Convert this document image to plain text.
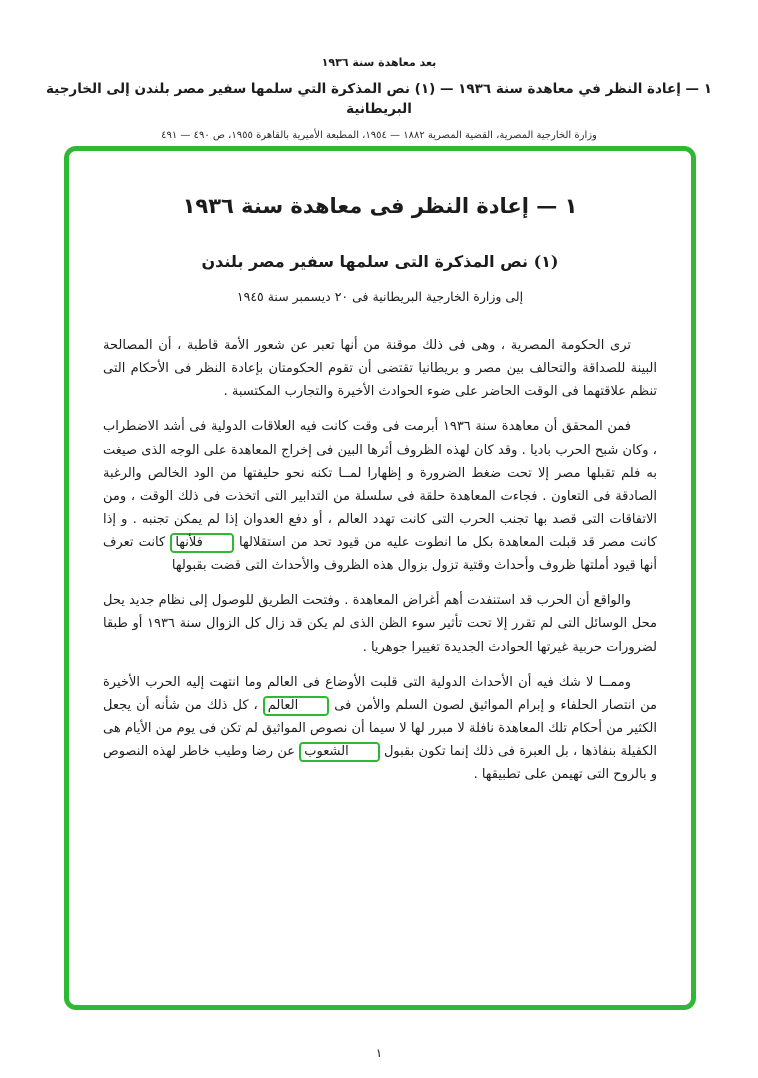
بعد معاهدة سنة ١٩٣٦
١ — إعادة النظر في معاهدة سنة ١٩٣٦ — (١) نص المذكرة التي سلمها سفير مصر بلندن إلى الخارجية البريطانية
وزارة الخارجية المصرية، القضية المصرية ١٨٨٢ — ١٩٥٤، المطبعة الأميرية بالقاهرة ١٩٥٥، ص ٤٩٠ — ٤٩١
١ — إعادة النظر فى معاهدة سنة ١٩٣٦
(١) نص المذكرة التى سلمها سفير مصر بلندن
إلى وزارة الخارجية البريطانية فى ٢٠ ديسمبر سنة ١٩٤٥

ترى الحكومة المصرية ، وهى فى ذلك موقنة من أنها تعبر عن شعور الأمة قاطبة ، أن المصالحة البينة للصداقة والتحالف بين مصر و بريطانيا تقتضى أن تقوم الحكومتان بإعادة النظر فى الأحكام التى تنظم علاقتهما فى الوقت الحاضر على ضوء الحوادث الأخيرة والتجارب المكتسبة .

فمن المحقق أن معاهدة سنة ١٩٣٦ أبرمت فى وقت كانت فيه العلاقات الدولية فى أشد الاضطراب ، وكان شبح الحرب باديا . وقد كان لهذه الظروف أثرها البين فى إخراج المعاهدة على الوجه الذى صيغت به فلم تقبلها مصر إلا تحت ضغط الضرورة و إظهارا لمــا تكنه نحو حليفتها من الود الخالص والرغبة الصادقة فى التعاون . فجاءت المعاهدة حلقة فى سلسلة من التدابير التى اتخذت فى ذلك الوقت ، ومن الاتفاقات التى قصد بها تجنب الحرب التى كانت تهدد العالم ، أو دفع العدوان إذا لم يمكن تجنبه . و إذا كانت مصر قد قبلت المعاهدة بكل ما انطوت عليه من قيود تحد من استقلالها فلأنها كانت تعرف أنها قيود أملتها ظروف وأحداث وقتية تزول بزوال هذه الظروف والأحداث التى قضت بقبولها

والواقع أن الحرب قد استنفدت أهم أغراض المعاهدة . وفتحت الطريق للوصول إلى نظام جديد يحل محل الوسائل التى لم تقرر إلا تحت تأثير سوء الظن الذى لم يكن قد زال كل الزوال سنة ١٩٣٦ أو طبقا لضرورات حربية غيرتها الحوادث الجديدة تغييرا جوهريا .

وممــا لا شك فيه أن الأحداث الدولية التى قلبت الأوضاع فى العالم وما انتهت إليه الحرب الأخيرة من انتصار الحلفاء و إبرام المواثيق لصون السلم والأمن فى العالم ، كل ذلك من شأنه أن يجعل الكثير من أحكام تلك المعاهدة نافلة لا مبرر لها لا سيما أن نصوص المواثيق لم تكن فى يوم من الأيام هى الكفيلة بنفاذها ، بل العبرة فى ذلك إنما تكون بقبول الشعوب عن رضا وطيب خاطر لهذه النصوص و بالروح التى تهيمن على تطبيقها .

١
